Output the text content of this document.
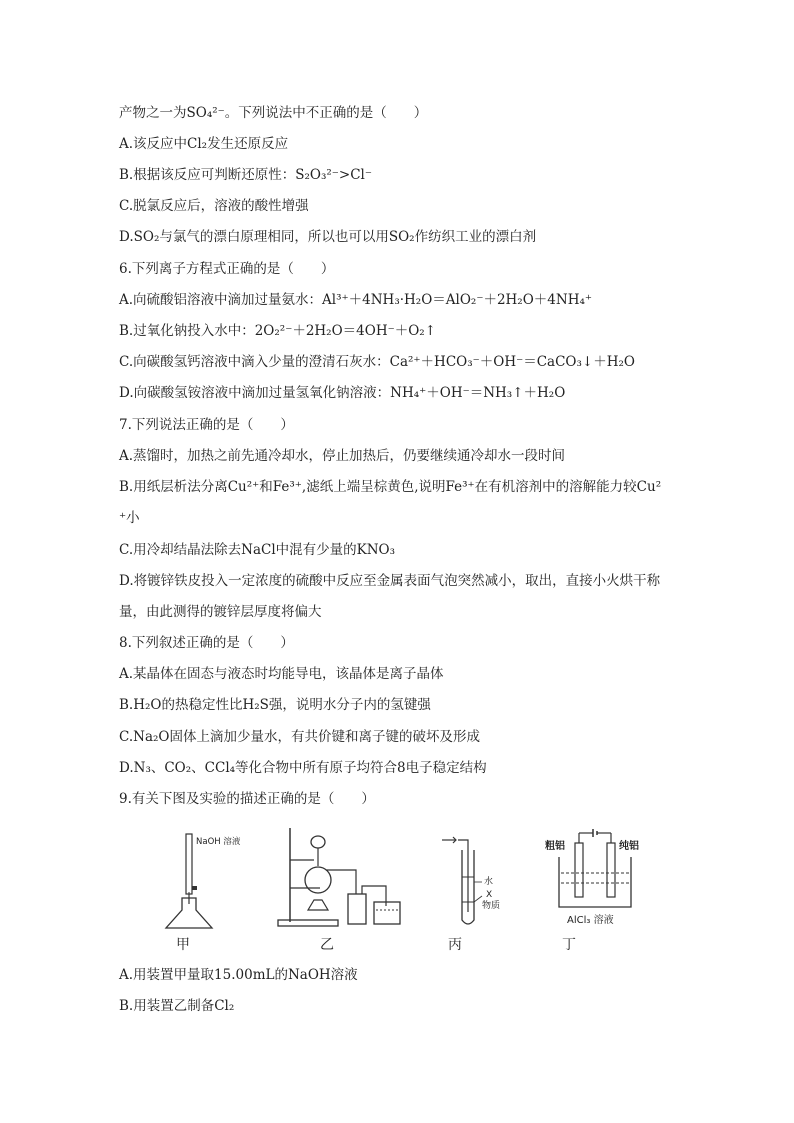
产物之一为SO₄²⁻。下列说法中不正确的是（　　）
A.该反应中Cl₂发生还原反应
B.根据该反应可判断还原性：S₂O₃²⁻>Cl⁻
C.脱氯反应后，溶液的酸性增强
D.SO₂与氯气的漂白原理相同，所以也可以用SO₂作纺织工业的漂白剂
6.下列离子方程式正确的是（　　）
A.向硫酸铝溶液中滴加过量氨水：Al³⁺＋4NH₃·H₂O＝AlO₂⁻＋2H₂O＋4NH₄⁺
B.过氧化钠投入水中：2O₂²⁻＋2H₂O＝4OH⁻＋O₂↑
C.向碳酸氢钙溶液中滴入少量的澄清石灰水：Ca²⁺＋HCO₃⁻＋OH⁻＝CaCO₃↓＋H₂O
D.向碳酸氢铵溶液中滴加过量氢氧化钠溶液：NH₄⁺＋OH⁻＝NH₃↑＋H₂O
7.下列说法正确的是（　　）
A.蒸馏时，加热之前先通冷却水，停止加热后，仍要继续通冷却水一段时间
B.用纸层析法分离Cu²⁺和Fe³⁺,滤纸上端呈棕黄色,说明Fe³⁺在有机溶剂中的溶解能力较Cu²
⁺小
C.用冷却结晶法除去NaCl中混有少量的KNO₃
D.将镀锌铁皮投入一定浓度的硫酸中反应至金属表面气泡突然减小，取出，直接小火烘干称
量，由此测得的镀锌层厚度将偏大
8.下列叙述正确的是（　　）
A.某晶体在固态与液态时均能导电，该晶体是离子晶体
B.H₂O的热稳定性比H₂S强，说明水分子内的氢键强
C.Na₂O固体上滴加少量水，有共价键和离子键的破坏及形成
D.N₃、CO₂、CCl₄等化合物中所有原子均符合8电子稳定结构
9.有关下图及实验的描述正确的是（　　）
NaOH 溶液
水
X
物质
粗铝	纯铝
AlCl₃ 溶液
甲	乙	丙	丁
A.用装置甲量取15.00mL的NaOH溶液
B.用装置乙制备Cl₂
